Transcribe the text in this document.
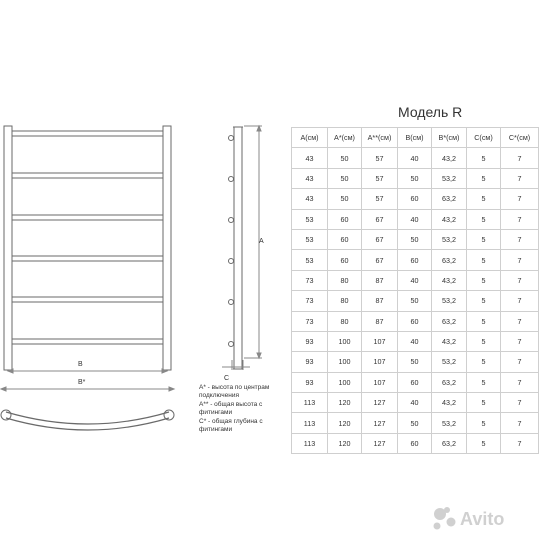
B
B*
A
C
A* - высота по центрам
подключения
A** - общая высота с
фитингами
C* - общая глубина с
фитингами
Модель R
A(см)	A*(см)	A**(см)	B(см)	B*(см)	C(см)	C*(см)
43	50	57	40	43,2	5	7
43	50	57	50	53,2	5	7
43	50	57	60	63,2	5	7
53	60	67	40	43,2	5	7
53	60	67	50	53,2	5	7
53	60	67	60	63,2	5	7
73	80	87	40	43,2	5	7
73	80	87	50	53,2	5	7
73	80	87	60	63,2	5	7
93	100	107	40	43,2	5	7
93	100	107	50	53,2	5	7
93	100	107	60	63,2	5	7
113	120	127	40	43,2	5	7
113	120	127	50	53,2	5	7
113	120	127	60	63,2	5	7
Avito
